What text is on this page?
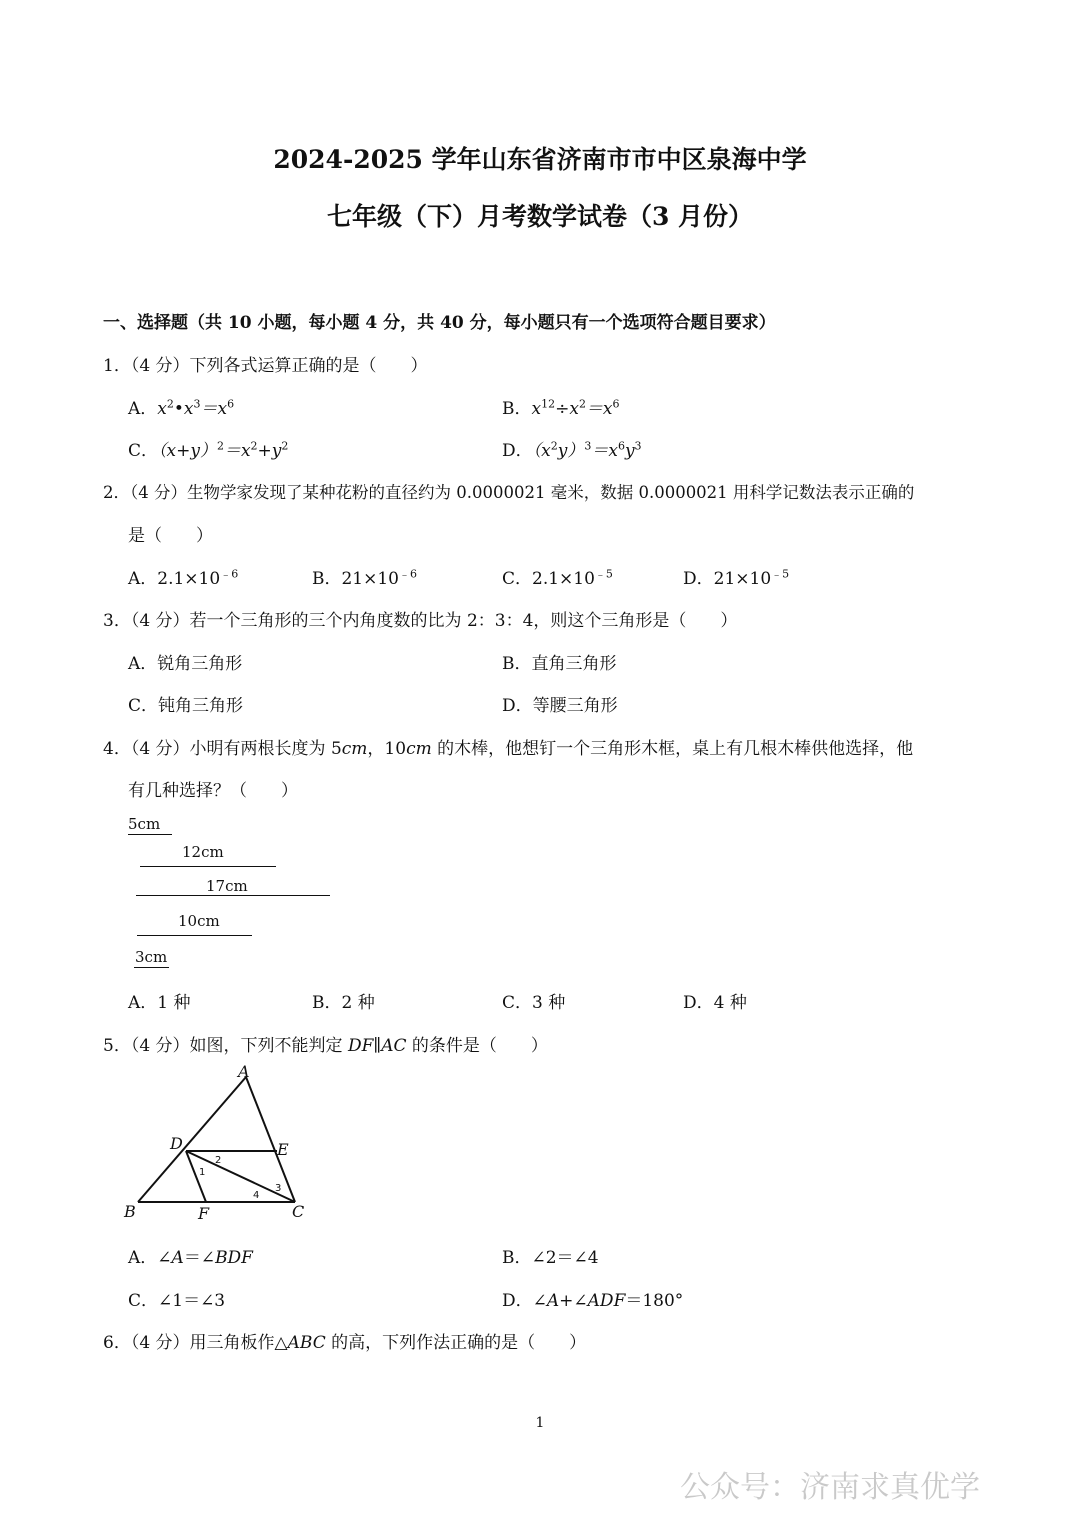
2024-2025 学年山东省济南市市中区泉海中学
七年级（下）月考数学试卷（3 月份）
一、选择题（共 10 小题，每小题 4 分，共 40 分，每小题只有一个选项符合题目要求）
1．（4 分）下列各式运算正确的是（　　）
A．$x^2•x^3=x^6$	B．$x^{12}\div x^2=x^6$
C．$(x+y)^2=x^2+y^2$	D．$(x^2y)^3=x^6y^3$
2．（4 分）生物学家发现了某种花粉的直径约为 0.0000021 毫米，数据 0.0000021 用科学记数法表示正确的
是（　　）
A．$2.1\times 10^{﹣6}$	B．$21\times 10^{﹣6}$	C．$2.1\times 10^{﹣5}$	D．$21\times 10^{﹣5}$
3．（4 分）若一个三角形的三个内角度数的比为 2：3：4，则这个三角形是（　　）
A．锐角三角形	B．直角三角形
C．钝角三角形	D．等腰三角形
4．（4 分）小明有两根长度为 5cm，10cm 的木棒，他想钉一个三角形木框，桌上有几根木棒供他选择，他
有几种选择？（　　）
5cm
12cm
17cm
10cm
3cm
A．1 种	B．2 种	C．3 种	D．4 种
5．（4 分）如图，下列不能判定 DF∥AC 的条件是（　　）
A
B	C
D	E
F
1
2
3
4
A．∠A＝∠BDF	B．∠2＝∠4
C．∠1＝∠3	D．∠A+∠ADF＝180°
6．（4 分）用三角板作△ABC 的高，下列作法正确的是（　　）
1
公众号：济南求真优学
